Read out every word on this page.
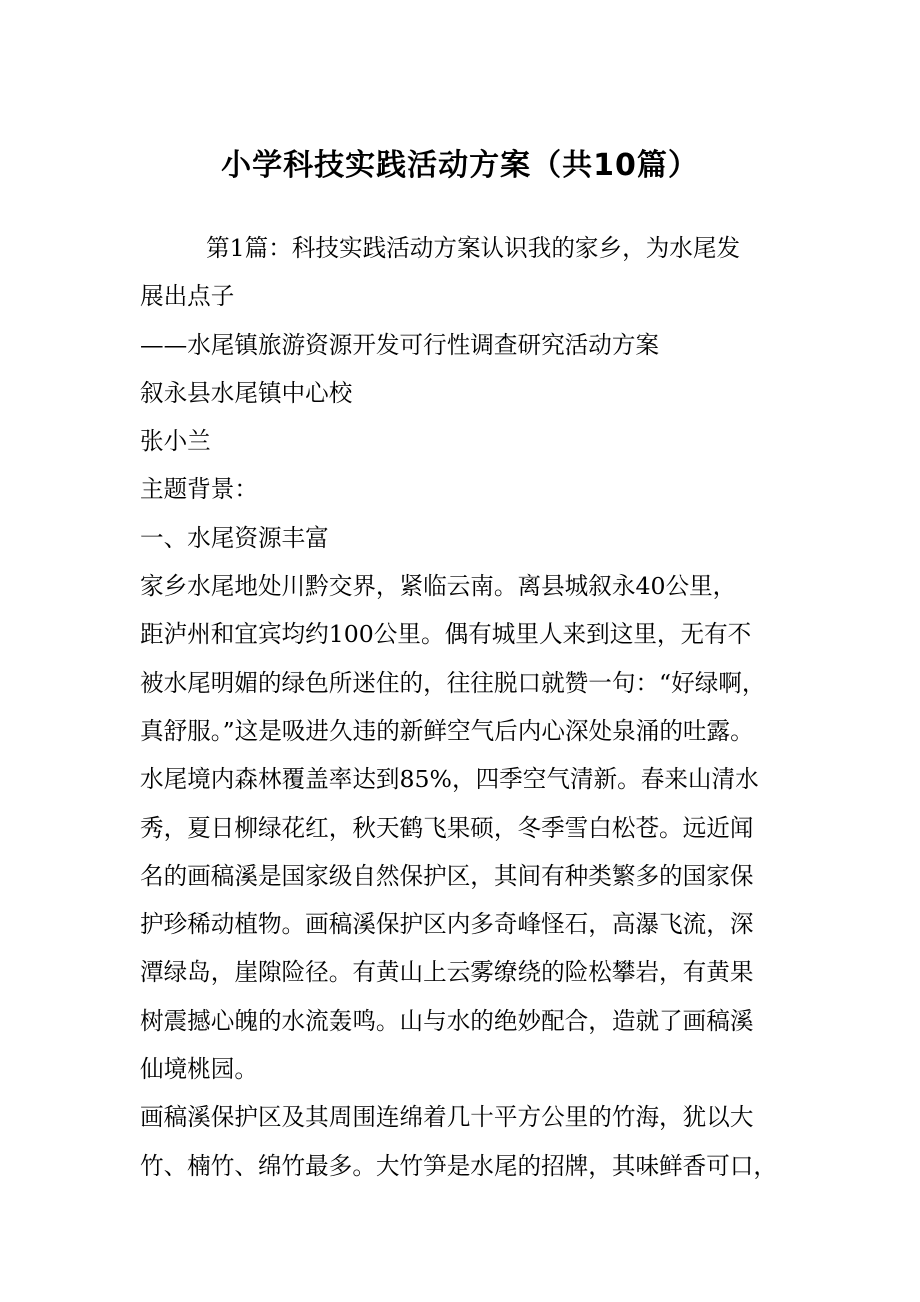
小学科技实践活动方案（共10篇）

第1篇：科技实践活动方案认识我的家乡，为水尾发

展出点子

——水尾镇旅游资源开发可行性调查研究活动方案

叙永县水尾镇中心校

张小兰

主题背景：

一、水尾资源丰富

家乡水尾地处川黔交界，紧临云南。离县城叙永40公里，

距泸州和宜宾均约100公里。偶有城里人来到这里，无有不

被水尾明媚的绿色所迷住的，往往脱口就赞一句：“好绿啊，

真舒服。”这是吸进久违的新鲜空气后内心深处泉涌的吐露。

水尾境内森林覆盖率达到85%，四季空气清新。春来山清水

秀，夏日柳绿花红，秋天鹤飞果硕，冬季雪白松苍。远近闻

名的画稿溪是国家级自然保护区，其间有种类繁多的国家保

护珍稀动植物。画稿溪保护区内多奇峰怪石，高瀑飞流，深

潭绿岛，崖隙险径。有黄山上云雾缭绕的险松攀岩，有黄果

树震撼心魄的水流轰鸣。山与水的绝妙配合，造就了画稿溪

仙境桃园。

画稿溪保护区及其周围连绵着几十平方公里的竹海，犹以大

竹、楠竹、绵竹最多。大竹笋是水尾的招牌，其味鲜香可口，
